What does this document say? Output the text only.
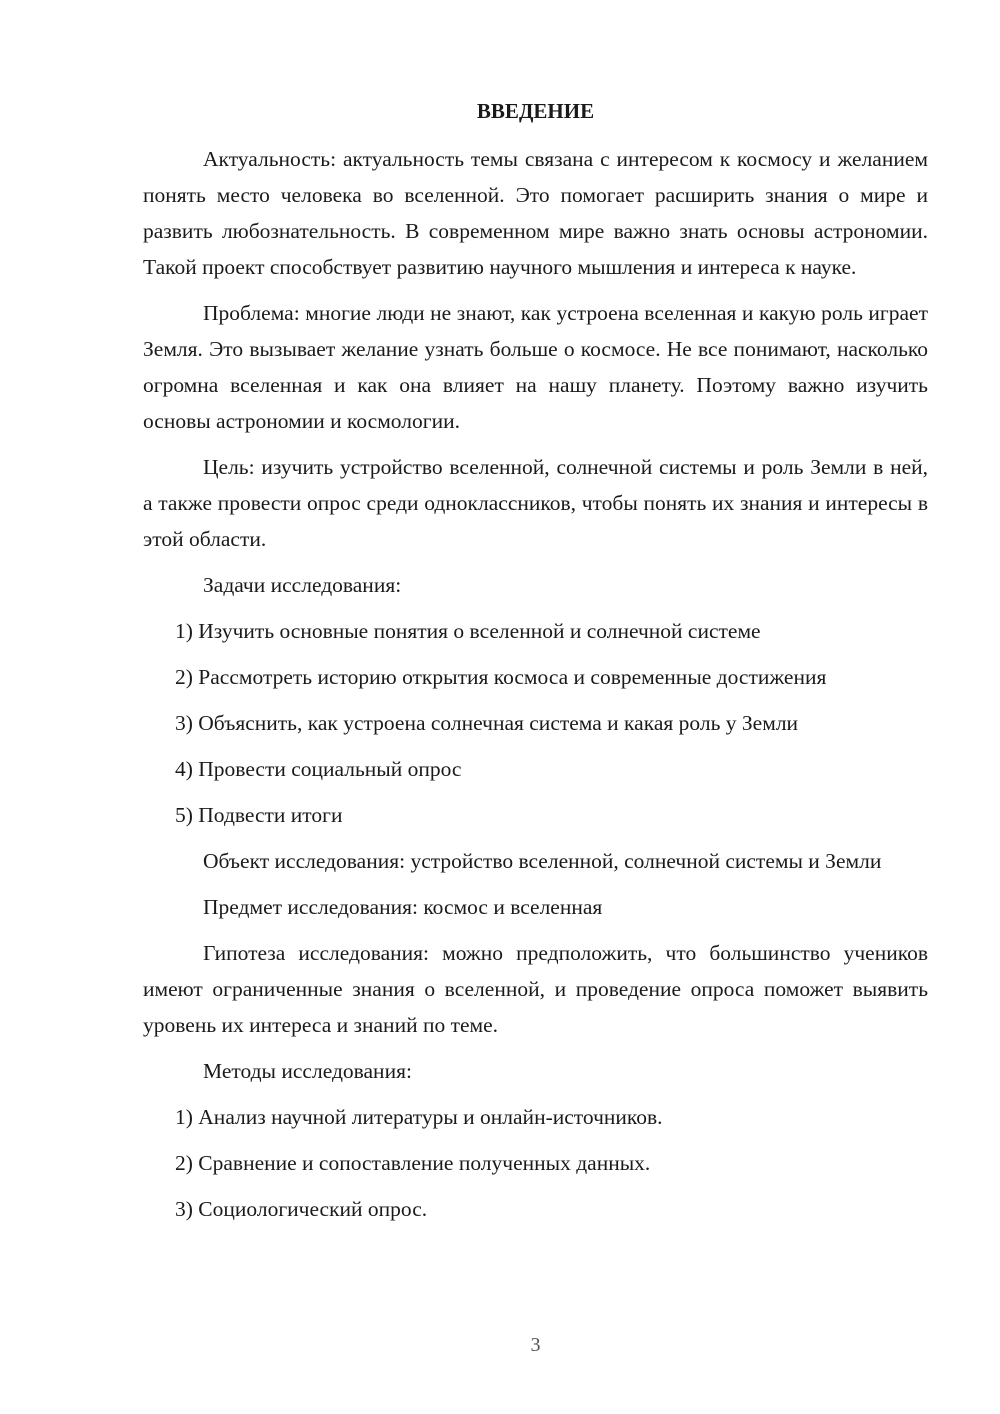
ВВЕДЕНИЕ

Актуальность: актуальность темы связана с интересом к космосу и желанием понять место человека во вселенной. Это помогает расширить знания о мире и развить любознательность. В современном мире важно знать основы астрономии. Такой проект способствует развитию научного мышления и интереса к науке.

Проблема: многие люди не знают, как устроена вселенная и какую роль играет Земля. Это вызывает желание узнать больше о космосе. Не все понимают, насколько огромна вселенная и как она влияет на нашу планету. Поэтому важно изучить основы астрономии и космологии.

Цель: изучить устройство вселенной, солнечной системы и роль Земли в ней, а также провести опрос среди одноклассников, чтобы понять их знания и интересы в этой области.

Задачи исследования:

1) Изучить основные понятия о вселенной и солнечной системе
2) Рассмотреть историю открытия космоса и современные достижения
3) Объяснить, как устроена солнечная система и какая роль у Земли
4) Провести социальный опрос
5) Подвести итоги

Объект исследования: устройство вселенной, солнечной системы и Земли

Предмет исследования: космос и вселенная

Гипотеза исследования: можно предположить, что большинство учеников имеют ограниченные знания о вселенной, и проведение опроса поможет выявить уровень их интереса и знаний по теме.

Методы исследования:

1) Анализ научной литературы и онлайн-источников.
2) Сравнение и сопоставление полученных данных.
3) Социологический опрос.
3
